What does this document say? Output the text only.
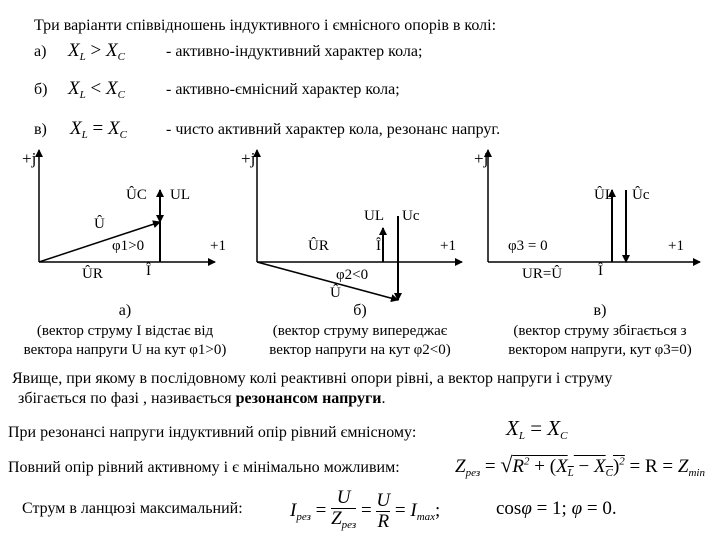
Три варіанти співвідношень індуктивного і ємнісного опорів в колі:
а) $X_L > X_C$	- активно-індуктивний характер кола;
б) $X_L < X_C$	- активно-ємнісний характер кола;
в) $X_L = X_C$ - чисто активний характер кола, резонанс напруг.
+j
ÛC UL
Û
φ1>0	+1
ÛR	Î
+j
UL Uc
ÛR	Î	+1
φ2<0
Û
+j
ÛL Ûc
φ3 = 0	+1
UR=Û Î
а)
(вектор струму І відстає від
вектора напруги U на кут φ1>0)
б)
(вектор струму випереджає
вектор напруги на кут φ2<0)
в)
(вектор струму збігається з
вектором напруги, кут φ3=0)
Явище, при якому в послідовному колі реактивні опори рівні, а вектор напруги і струму
збігається по фазі , називається резонансом напруги.
При резонансі напруги індуктивний опір рівний ємнісному:	$X_L = X_C$
Повний опір рівний активному і є мінімально можливим:	$Z_{рез} = √R^2 + (X_L - X_C)^2 = R = Z_{min}$
Струм в ланцюзі максимальний: $I_{рез}$ =
U
$Z_{рез}$
= $\frac{U}{R} = I_{max}$;	cosφ = 1; φ = 0.
